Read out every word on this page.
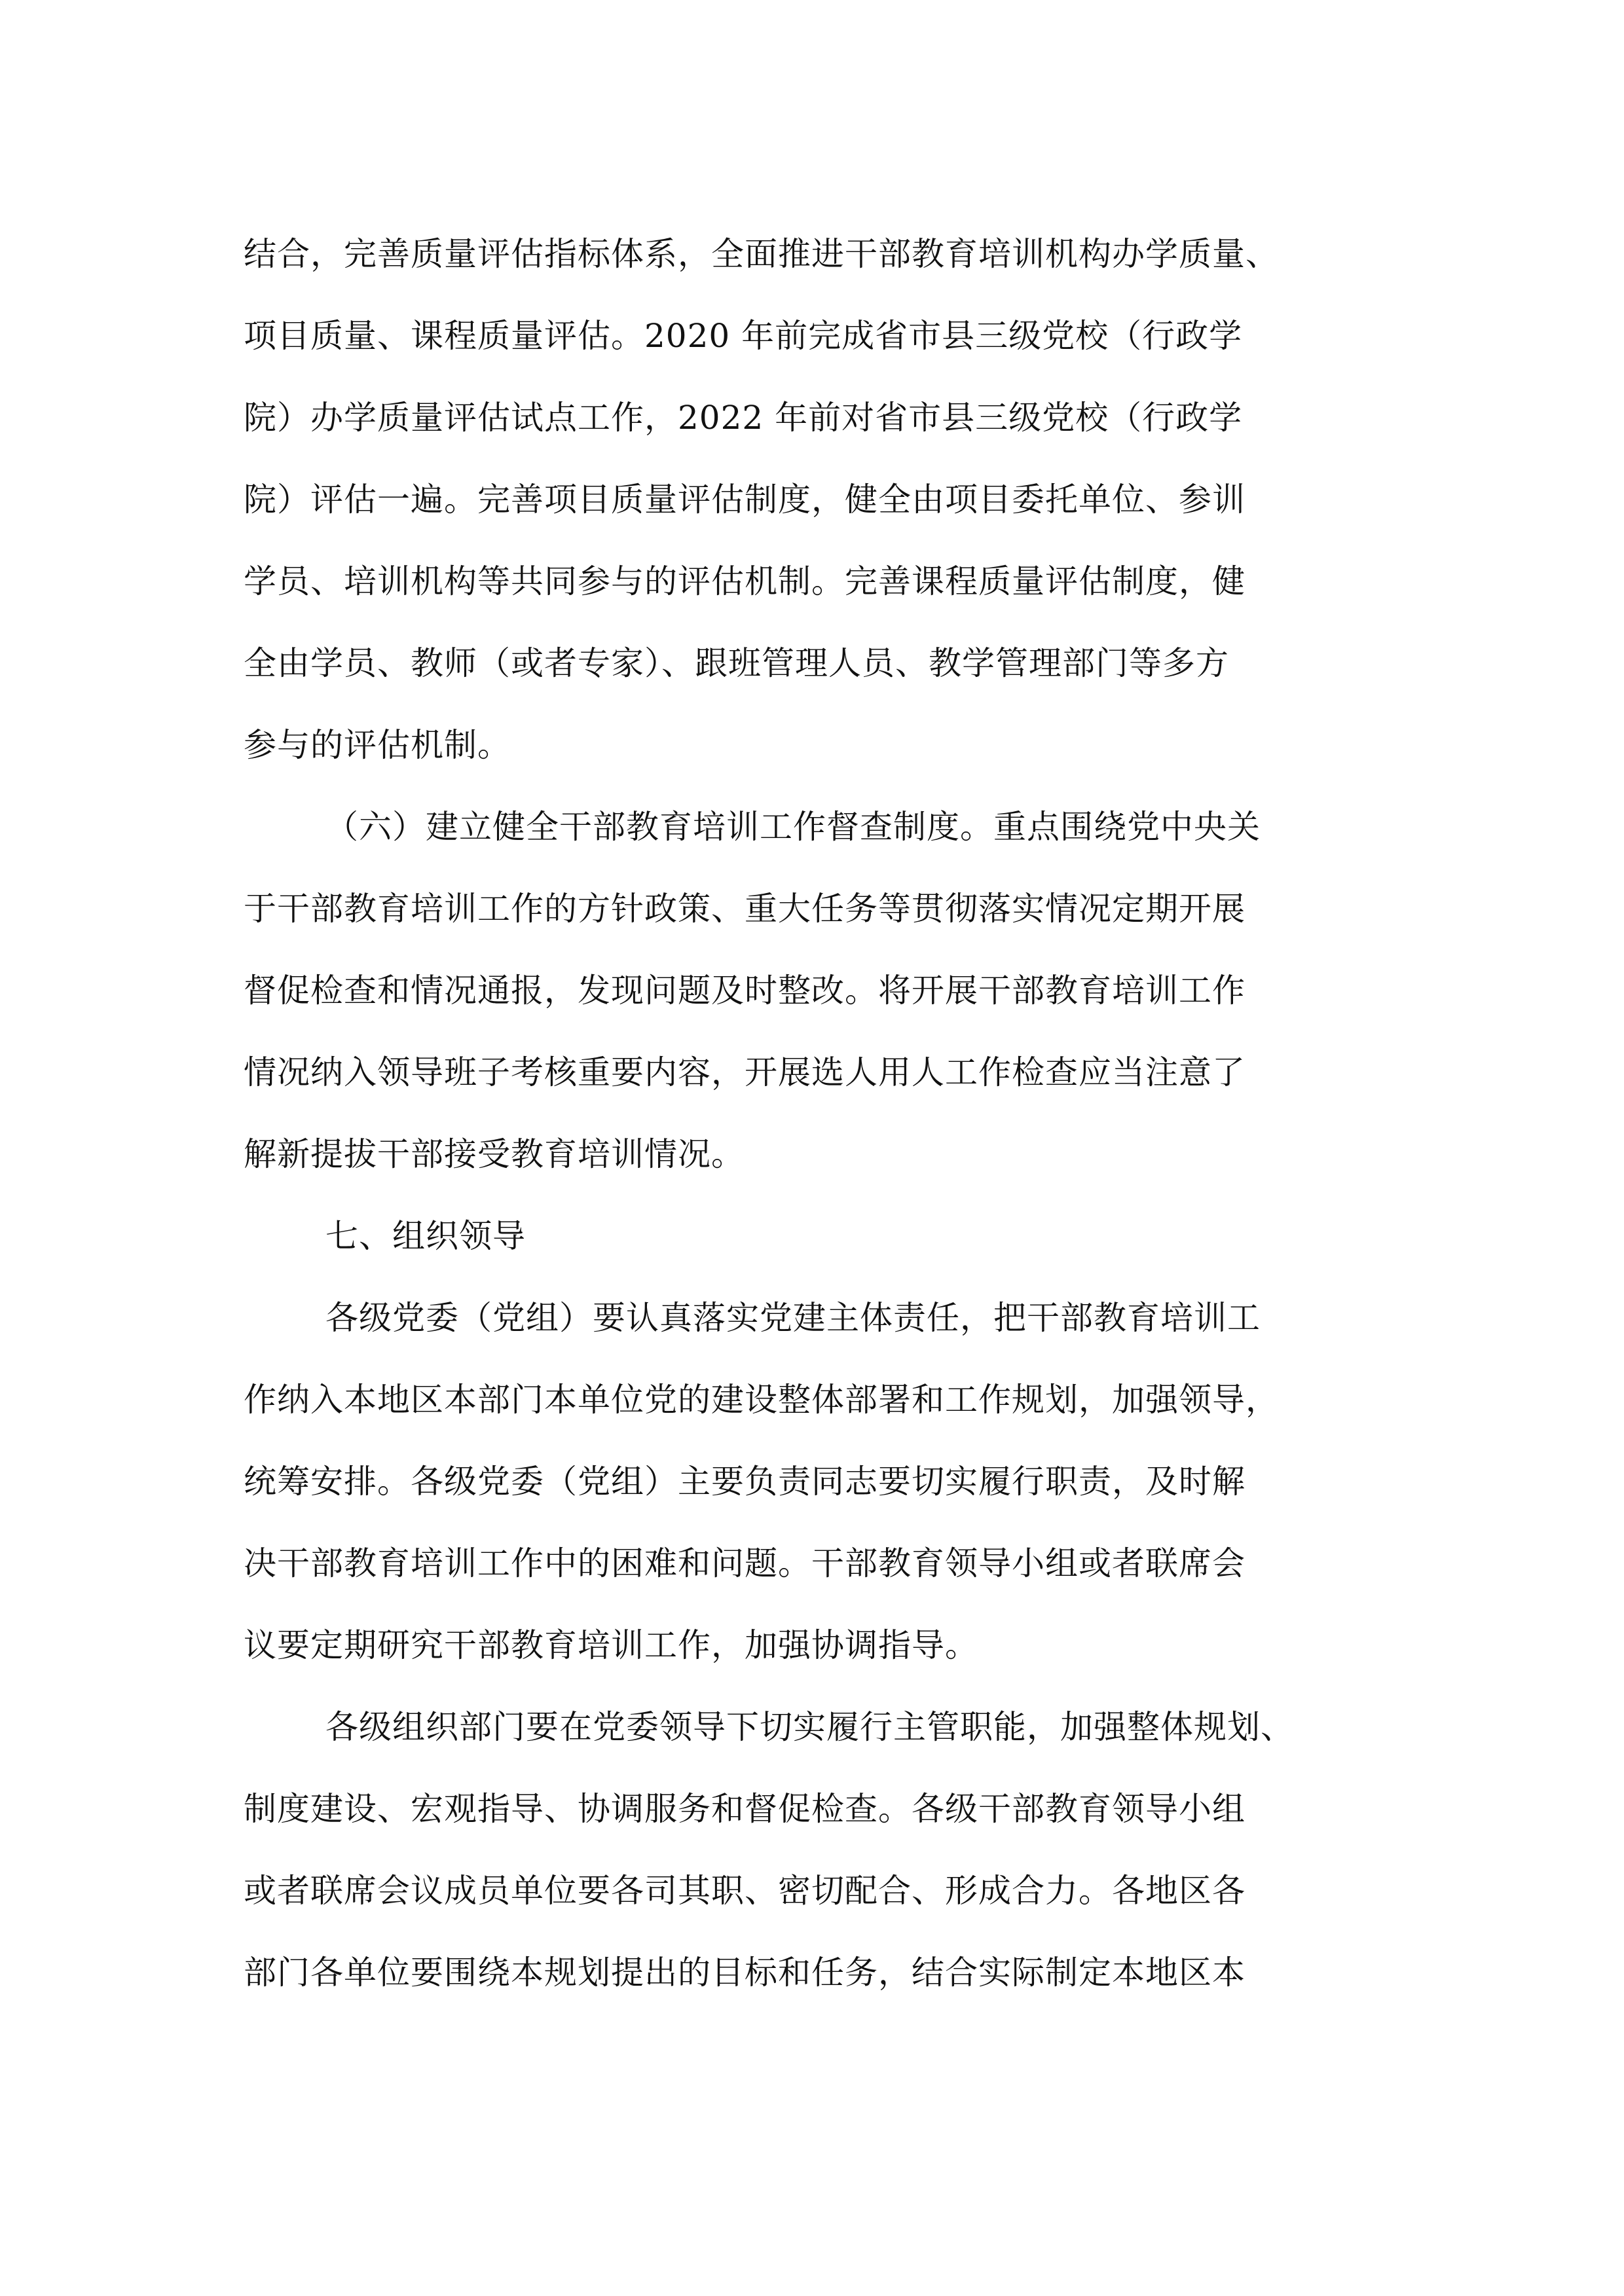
结合，完善质量评估指标体系，全面推进干部教育培训机构办学质量、
项目质量、课程质量评估。2020 年前完成省市县三级党校（行政学
院）办学质量评估试点工作，2022 年前对省市县三级党校（行政学
院）评估一遍。完善项目质量评估制度，健全由项目委托单位、参训
学员、培训机构等共同参与的评估机制。完善课程质量评估制度，健
全由学员、教师（或者专家）、跟班管理人员、教学管理部门等多方
参与的评估机制。
（六）建立健全干部教育培训工作督查制度。重点围绕党中央关
于干部教育培训工作的方针政策、重大任务等贯彻落实情况定期开展
督促检查和情况通报，发现问题及时整改。将开展干部教育培训工作
情况纳入领导班子考核重要内容，开展选人用人工作检查应当注意了
解新提拔干部接受教育培训情况。
七、组织领导
各级党委（党组）要认真落实党建主体责任，把干部教育培训工
作纳入本地区本部门本单位党的建设整体部署和工作规划，加强领导，
统筹安排。各级党委（党组）主要负责同志要切实履行职责，及时解
决干部教育培训工作中的困难和问题。干部教育领导小组或者联席会
议要定期研究干部教育培训工作，加强协调指导。
各级组织部门要在党委领导下切实履行主管职能，加强整体规划、
制度建设、宏观指导、协调服务和督促检查。各级干部教育领导小组
或者联席会议成员单位要各司其职、密切配合、形成合力。各地区各
部门各单位要围绕本规划提出的目标和任务，结合实际制定本地区本
